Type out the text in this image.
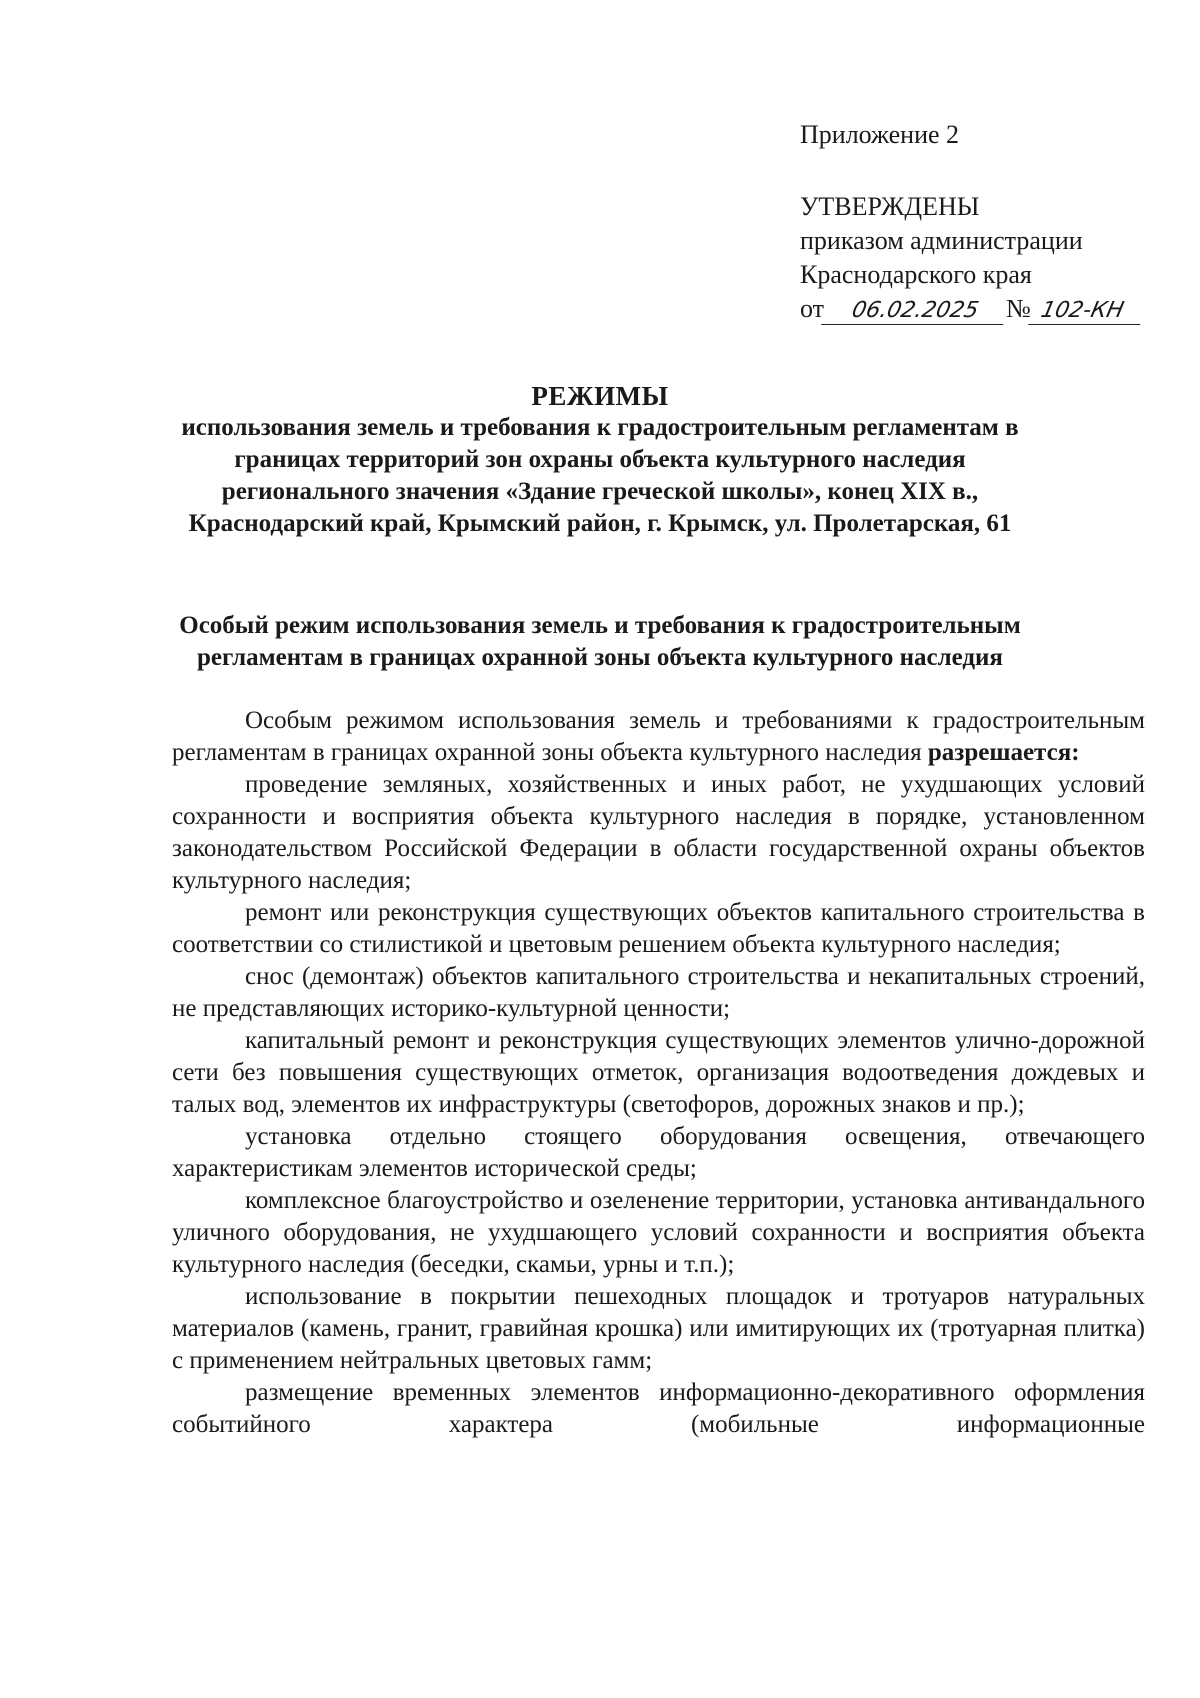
Приложение 2
УТВЕРЖДЕНЫ
приказом администрации
Краснодарского края
от	06.02.2025 № 102-КН
РЕЖИМЫ
использования земель и требования к градостроительным регламентам в границах территорий зон охраны объекта культурного наследия регионального значения «Здание греческой школы», конец XIX в., Краснодарский край, Крымский район, г. Крымск, ул. Пролетарская, 61
Особый режим использования земель и требования к градостроительным регламентам в границах охранной зоны объекта культурного наследия

Особым режимом использования земель и требованиями к градостроительным регламентам в границах охранной зоны объекта культурного наследия разрешается:

проведение земляных, хозяйственных и иных работ, не ухудшающих условий сохранности и восприятия объекта культурного наследия в порядке, установленном законодательством Российской Федерации в области государственной охраны объектов культурного наследия;

ремонт или реконструкция существующих объектов капитального строительства в соответствии со стилистикой и цветовым решением объекта культурного наследия;

снос (демонтаж) объектов капитального строительства и некапитальных строений, не представляющих историко-культурной ценности;

капитальный ремонт и реконструкция существующих элементов улично-дорожной сети без повышения существующих отметок, организация водоотведения дождевых и талых вод, элементов их инфраструктуры (светофоров, дорожных знаков и пр.);

установка отдельно стоящего оборудования освещения, отвечающего характеристикам элементов исторической среды;

комплексное благоустройство и озеленение территории, установка антивандального уличного оборудования, не ухудшающего условий сохранности и восприятия объекта культурного наследия (беседки, скамьи, урны и т.п.);

использование в покрытии пешеходных площадок и тротуаров натуральных материалов (камень, гранит, гравийная крошка) или имитирующих их (тротуарная плитка) с применением нейтральных цветовых гамм;

размещение временных элементов информационно-декоративного оформления событийного характера (мобильные информационные
